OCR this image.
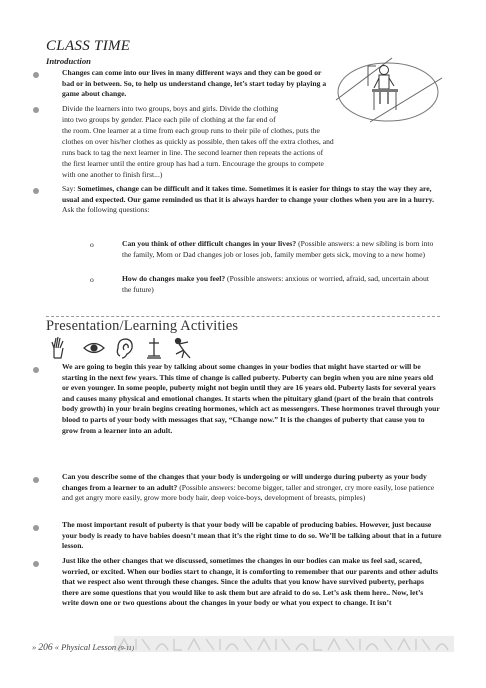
CLASS TIME
Introduction
Changes can come into our lives in many different ways and they can be good or bad or in between. So, to help us understand change, let’s start today by playing a game about change.
Divide the learners into two groups, boys and girls. Divide the clothing
into two groups by gender. Place each pile of clothing at the far end of
the room. One learner at a time from each group runs to their pile of clothes, puts the
clothes on over his/her clothes as quickly as possible, then takes off the extra clothes, and
runs back to tag the next learner in line. The second learner then repeats the actions of
the first learner until the entire group has had a turn. Encourage the groups to compete
with one another to finish first...)
Say: Sometimes, change can be difficult and it takes time. Sometimes it is easier for things to stay the way they are, usual and expected. Our game reminded us that it is always harder to change your clothes when you are in a hurry. Ask the following questions:
o	Can you think of other difficult changes in your lives? (Possible answers: a new sibling is born into the family, Mom or Dad changes job or loses job, family member gets sick, moving to a new home)
o	How do changes make you feel? (Possible answers: anxious or worried, afraid, sad, uncertain about the future)
Presentation/Learning Activities
We are going to begin this year by talking about some changes in your bodies that might have started or will be starting in the next few years. This time of change is called puberty. Puberty can begin when you are nine years old or even younger. In some people, puberty might not begin until they are 16 years old. Puberty lasts for several years and causes many physical and emotional changes. It starts when the pituitary gland (part of the brain that controls body growth) in your brain begins creating hormones, which act as messengers. These hormones travel through your blood to parts of your body with messages that say, “Change now.” It is the changes of puberty that cause you to grow from a learner into an adult.
Can you describe some of the changes that your body is undergoing or will undergo during puberty as your body changes from a learner to an adult? (Possible answers: become bigger, taller and stronger, cry more easily, lose patience and get angry more easily, grow more body hair, deep voice-boys, development of breasts, pimples)
The most important result of puberty is that your body will be capable of producing babies. However, just because your body is ready to have babies doesn’t mean that it’s the right time to do so. We’ll be talking about that in a future lesson.
Just like the other changes that we discussed, sometimes the changes in our bodies can make us feel sad, scared, worried, or excited. When our bodies start to change, it is comforting to remember that our parents and other adults that we respect also went through these changes. Since the adults that you know have survived puberty, perhaps there are some questions that you would like to ask them but are afraid to do so. Let’s ask them here.. Now, let’s write down one or two questions about the changes in your body or what you expect to change. It isn’t
» 206 « Physical Lesson (9-11)
